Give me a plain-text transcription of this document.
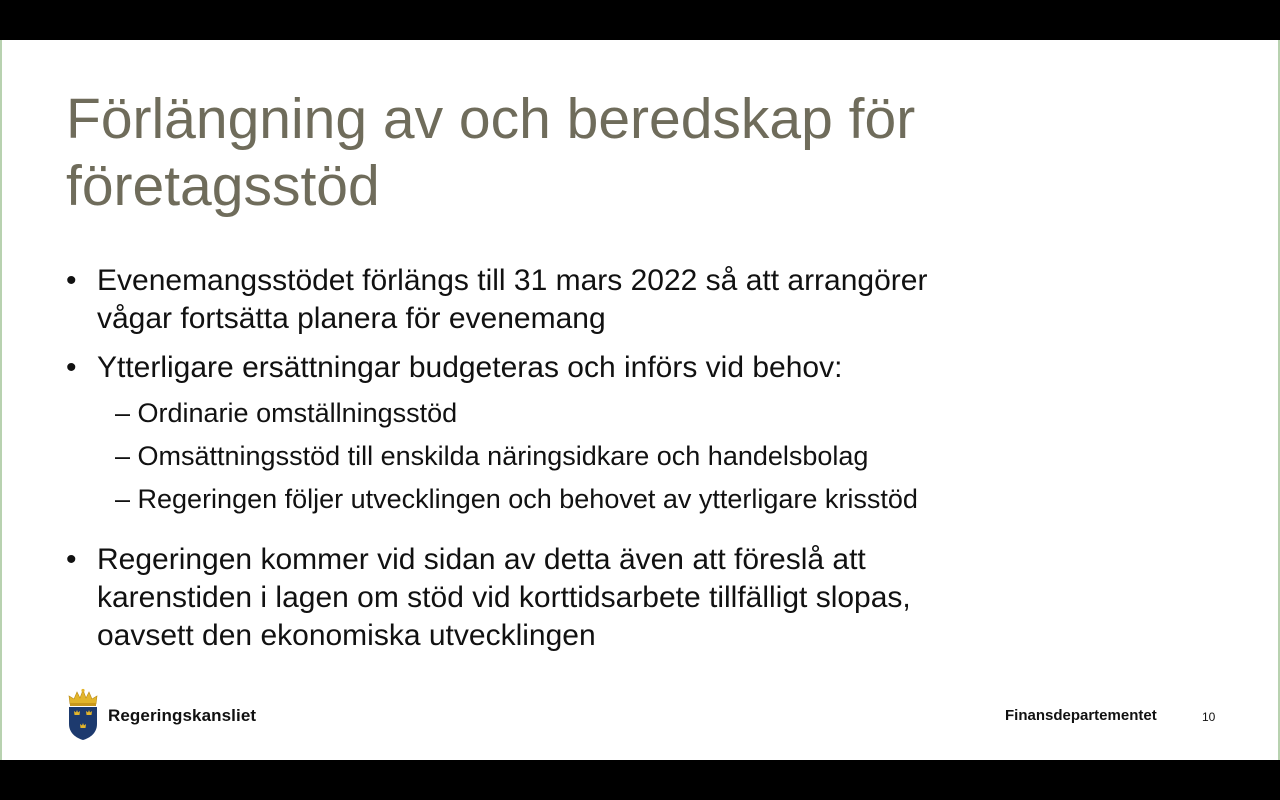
Förlängning av och beredskap för
företagsstöd
• Evenemangsstödet förlängs till 31 mars 2022 så att arrangörer
vågar fortsätta planera för evenemang
• Ytterligare ersättningar budgeteras och införs vid behov:
– Ordinarie omställningsstöd
– Omsättningsstöd till enskilda näringsidkare och handelsbolag
– Regeringen följer utvecklingen och behovet av ytterligare krisstöd
• Regeringen kommer vid sidan av detta även att föreslå att
karenstiden i lagen om stöd vid korttidsarbete tillfälligt slopas,
oavsett den ekonomiska utvecklingen
Regeringskansliet	Finansdepartementet	10
